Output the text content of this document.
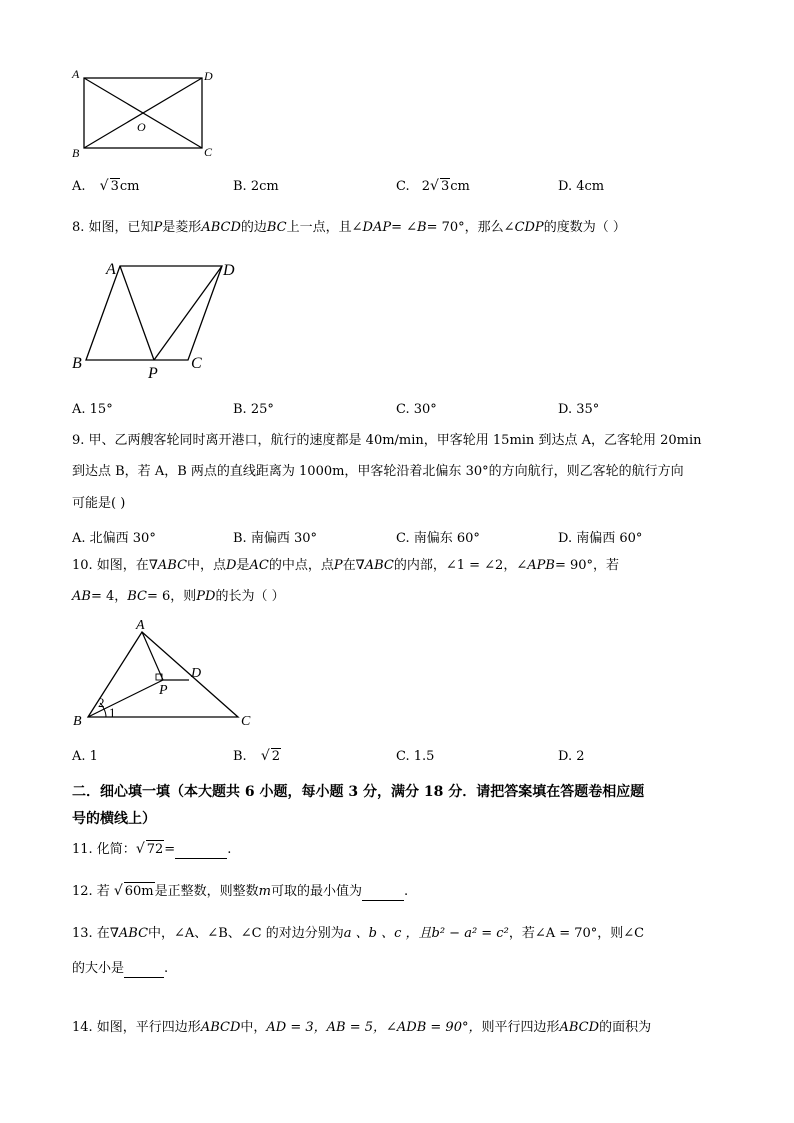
A	D
B	C
O
A. √ 3cm	B. 2cm	C. 2√ 3cm	D. 4cm
8. 如图，已知P是菱形ABCD的边BC上一点，且∠DAP= ∠B= 70°，那么∠CDP的度数为（ ）
A	D
B
P
C
A. 15°	B. 25°	C. 30°	D. 35°
9. 甲、乙两艘客轮同时离开港口，航行的速度都是 40m/min，甲客轮用 15min 到达点 A，乙客轮用 20min
到达点 B，若 A，B 两点的直线距离为 1000m，甲客轮沿着北偏东 30°的方向航行，则乙客轮的航行方向
可能是( )
A. 北偏西 30°	B. 南偏西 30°	C. 南偏东 60°	D. 南偏西 60°
10. 如图，在∇ABC中，点D是AC的中点，点P在∇ABC的内部，∠1 = ∠2，∠APB= 90°，若
AB= 4，BC= 6，则PD的长为（ ）
A
D
P
B	C
1
2
A. 1	B. √ 2	C. 1.5	D. 2
二．细心填一填（本大题共 6 小题，每小题 3 分，满分 18 分．请把答案填在答题卷相应题
号的横线上）
11. 化简：√ 72=	.
12. 若 √ 60m是正整数，则整数m可取的最小值为	.
13. 在∇ABC中，∠A、∠B、∠C 的对边分别为a 、b 、c ，且b² − a² = c²，若∠A = 70°，则∠C
的大小是	.
14. 如图，平行四边形ABCD中，AD = 3，AB = 5，∠ADB = 90°，则平行四边形ABCD的面积为
